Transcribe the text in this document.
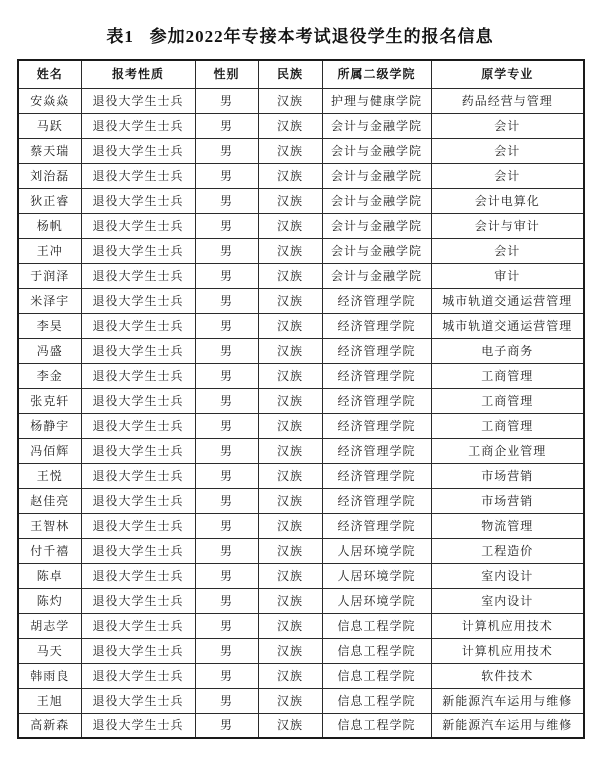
表1   参加2022年专接本考试退役学生的报名信息
姓名	报考性质	性别	民族	所属二级学院	原学专业
安焱焱	退役大学生士兵	男	汉族	护理与健康学院	药品经营与管理
马跃	退役大学生士兵	男	汉族	会计与金融学院	会计
蔡天瑞	退役大学生士兵	男	汉族	会计与金融学院	会计
刘治磊	退役大学生士兵	男	汉族	会计与金融学院	会计
狄正睿	退役大学生士兵	男	汉族	会计与金融学院	会计电算化
杨帆	退役大学生士兵	男	汉族	会计与金融学院	会计与审计
王冲	退役大学生士兵	男	汉族	会计与金融学院	会计
于润泽	退役大学生士兵	男	汉族	会计与金融学院	审计
米泽宇	退役大学生士兵	男	汉族	经济管理学院	城市轨道交通运营管理
李昊	退役大学生士兵	男	汉族	经济管理学院	城市轨道交通运营管理
冯盛	退役大学生士兵	男	汉族	经济管理学院	电子商务
李金	退役大学生士兵	男	汉族	经济管理学院	工商管理
张克轩	退役大学生士兵	男	汉族	经济管理学院	工商管理
杨静宇	退役大学生士兵	男	汉族	经济管理学院	工商管理
冯佰辉	退役大学生士兵	男	汉族	经济管理学院	工商企业管理
王悦	退役大学生士兵	男	汉族	经济管理学院	市场营销
赵佳亮	退役大学生士兵	男	汉族	经济管理学院	市场营销
王智林	退役大学生士兵	男	汉族	经济管理学院	物流管理
付千禧	退役大学生士兵	男	汉族	人居环境学院	工程造价
陈卓	退役大学生士兵	男	汉族	人居环境学院	室内设计
陈灼	退役大学生士兵	男	汉族	人居环境学院	室内设计
胡志学	退役大学生士兵	男	汉族	信息工程学院	计算机应用技术
马天	退役大学生士兵	男	汉族	信息工程学院	计算机应用技术
韩雨良	退役大学生士兵	男	汉族	信息工程学院	软件技术
王旭	退役大学生士兵	男	汉族	信息工程学院	新能源汽车运用与维修
高新森	退役大学生士兵	男	汉族	信息工程学院	新能源汽车运用与维修
